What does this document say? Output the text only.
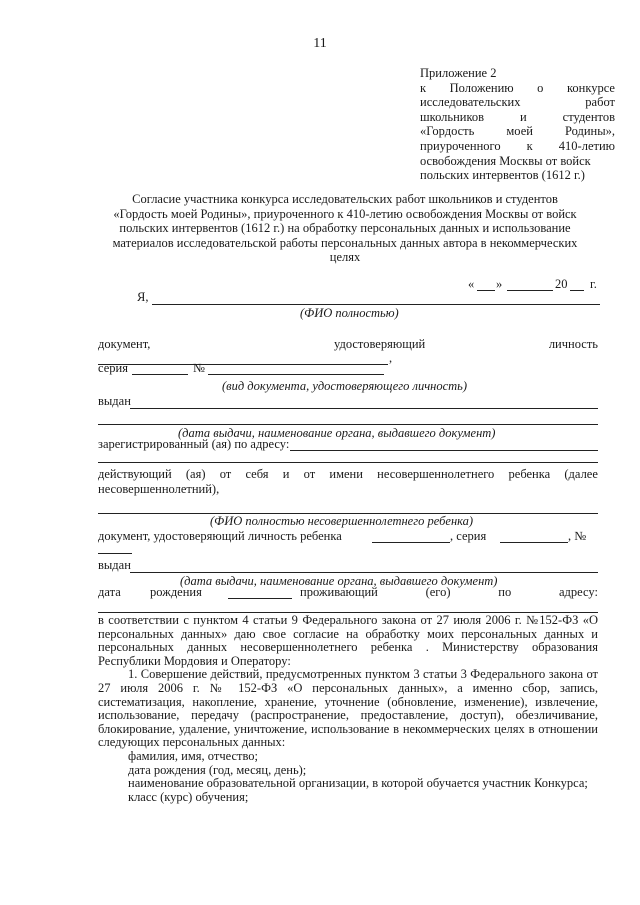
11
Приложение 2
к Положению о конкурсе
исследовательских	работ
школьников	и	студентов
«Гордость	моей	Родины»,
приуроченного к 410-летию
освобождения Москвы от войск
польских интервентов (1612 г.)
Согласие участника конкурса исследовательских работ школьников и студентов
«Гордость моей Родины», приуроченного к 410-летию освобождения Москвы от войск
польских интервентов (1612 г.) на обработку персональных данных и использование
материалов исследовательской работы персональных данных автора в некоммерческих
целях
« »	20 г.
Я,
(ФИО полностью)
документ,	удостоверяющий	личность
,
серия	№
(вид документа, удостоверяющего личность)
выдан
(дата выдачи, наименование органа, выдавшего документ)
зарегистрированный (ая) по адресу:
действующий (ая) от себя и от имени несовершеннолетнего ребенка (далее
несовершеннолетний),
(ФИО полностью несовершеннолетнего ребенка)
документ, удостоверяющий личность ребенка	, серия	, №
выдан
(дата выдачи, наименование органа, выдавшего документ)
дата рождения	проживающий	(его)	по	адресу:

в соответствии с пунктом 4 статьи 9 Федерального закона от 27 июля 2006 г. №152-ФЗ «О персональных данных» даю свое согласие на обработку моих персональных данных и персональных данных несовершеннолетнего ребенка . Министерству образования Республики Мордовия и Оператору:

1. Совершение действий, предусмотренных пунктом 3 статьи 3 Федерального закона от 27 июля 2006 г. № 152-ФЗ «О персональных данных», а именно сбор, запись, систематизация, накопление, хранение, уточнение (обновление, изменение), извлечение, использование, передачу (распространение, предоставление, доступ), обезличивание, блокирование, удаление, уничтожение, использование в некоммерческих целях в отношении следующих персональных данных:

фамилия, имя, отчество;

дата рождения (год, месяц, день);

наименование образовательной организации, в которой обучается участник Конкурса;

класс (курс) обучения;
